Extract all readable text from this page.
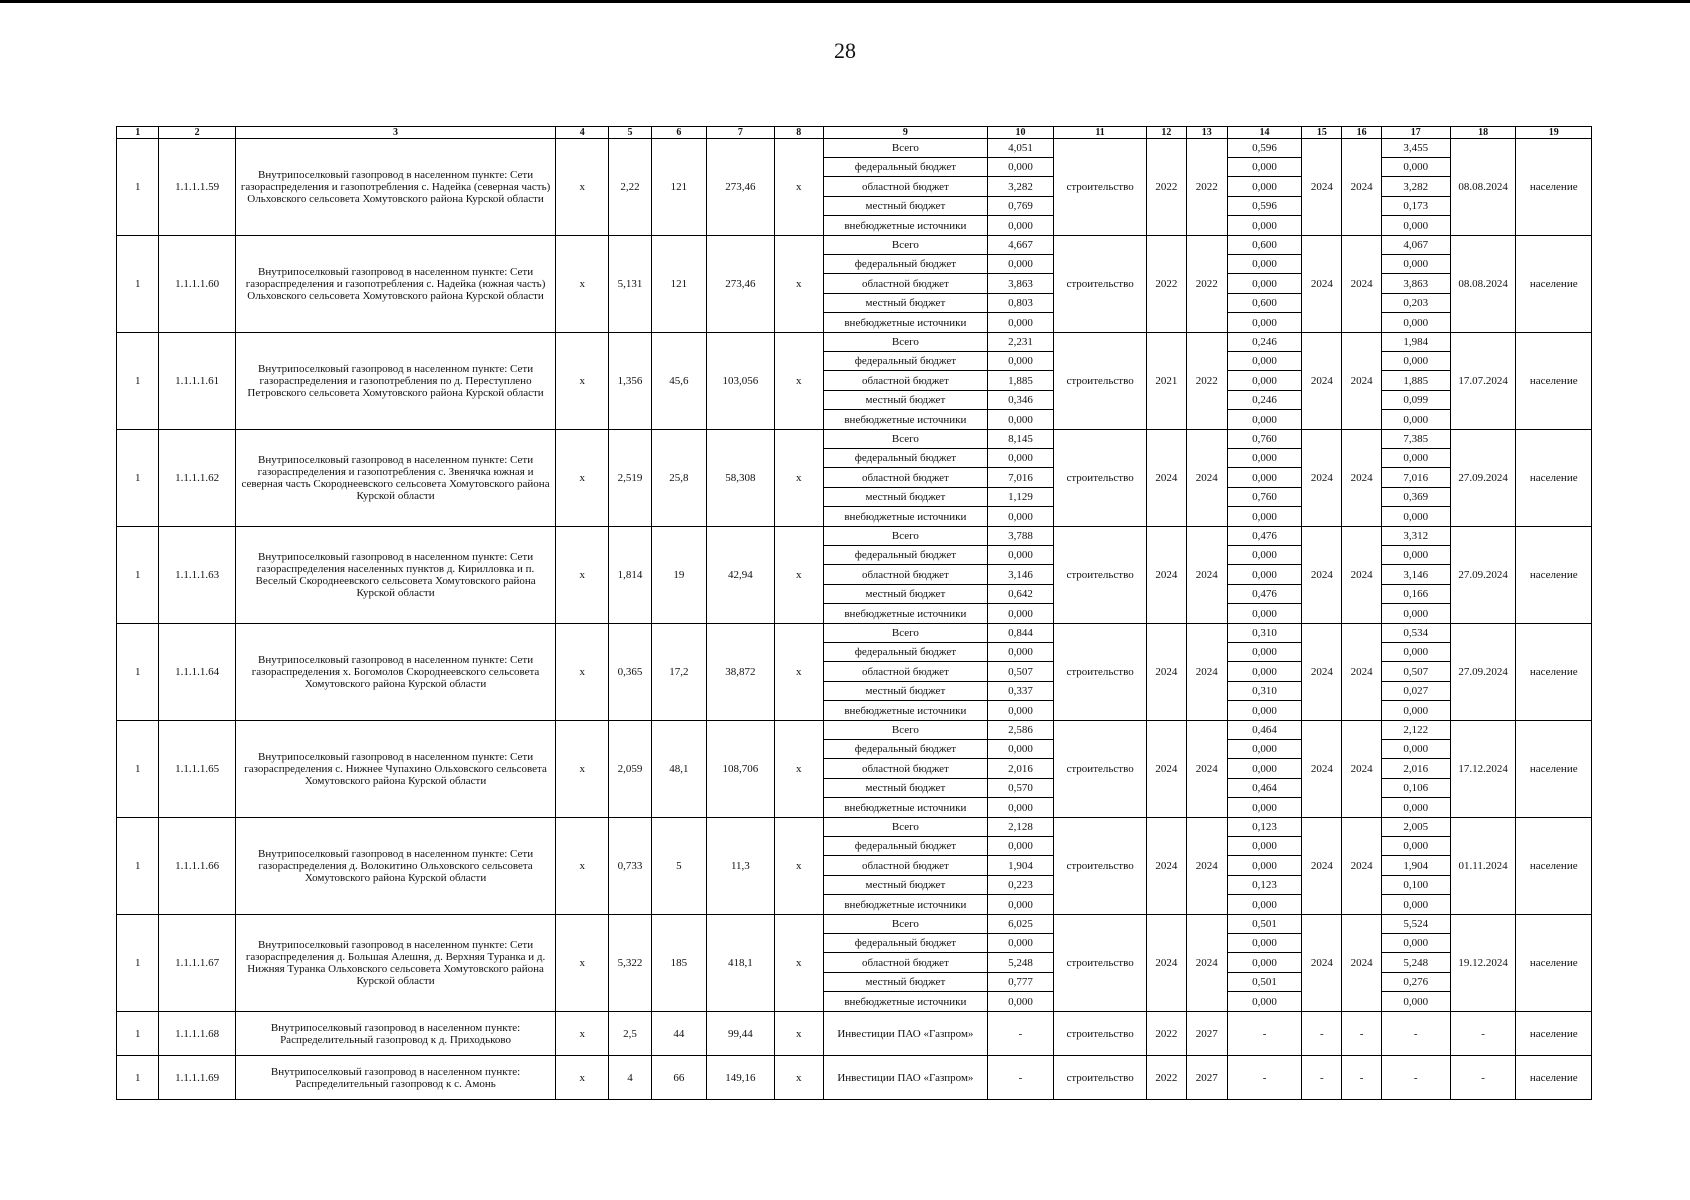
28
1	2	3	4	5	6	7	8	9	10	11	12	13	14	15	16	17	18	19
1	1.1.1.1.59	Внутрипоселковый газопровод в населенном пункте: Сети газораспределения и газопотребления с. Надейка (северная часть) Ольховского сельсовета Хомутовского района Курской области	х	2,22	121	273,46	х	Всего	4,051	строительство	2022	2022	0,596	2024	2024	3,455	08.08.2024	население
								федеральный бюджет	0,000				0,000			0,000		
								областной бюджет	3,282				0,000			3,282		
								местный бюджет	0,769				0,596			0,173		
								внебюджетные источники	0,000				0,000			0,000		
1	1.1.1.1.60	Внутрипоселковый газопровод в населенном пункте: Сети газораспределения и газопотребления с. Надейка (южная часть) Ольховского сельсовета Хомутовского района Курской области	х	5,131	121	273,46	х	Всего	4,667	строительство	2022	2022	0,600	2024	2024	4,067	08.08.2024	население
								федеральный бюджет	0,000				0,000			0,000		
								областной бюджет	3,863				0,000			3,863		
								местный бюджет	0,803				0,600			0,203		
								внебюджетные источники	0,000				0,000			0,000		
1	1.1.1.1.61	Внутрипоселковый газопровод в населенном пункте: Сети газораспределения и газопотребления по д. Переступлено Петровского сельсовета Хомутовского района Курской области	х	1,356	45,6	103,056	х	Всего	2,231	строительство	2021	2022	0,246	2024	2024	1,984	17.07.2024	население
								федеральный бюджет	0,000				0,000			0,000		
								областной бюджет	1,885				0,000			1,885		
								местный бюджет	0,346				0,246			0,099		
								внебюджетные источники	0,000				0,000			0,000		
1	1.1.1.1.62	Внутрипоселковый газопровод в населенном пункте: Сети газораспределения и газопотребления с. Звенячка южная и северная часть Скороднеевского сельсовета Хомутовского района Курской области	х	2,519	25,8	58,308	х	Всего	8,145	строительство	2024	2024	0,760	2024	2024	7,385	27.09.2024	население
								федеральный бюджет	0,000				0,000			0,000		
								областной бюджет	7,016				0,000			7,016		
								местный бюджет	1,129				0,760			0,369		
								внебюджетные источники	0,000				0,000			0,000		
1	1.1.1.1.63	Внутрипоселковый газопровод в населенном пункте: Сети газораспределения населенных пунктов д. Кирилловка и п. Веселый Скороднеевского сельсовета Хомутовского района Курской области	х	1,814	19	42,94	х	Всего	3,788	строительство	2024	2024	0,476	2024	2024	3,312	27.09.2024	население
								федеральный бюджет	0,000				0,000			0,000		
								областной бюджет	3,146				0,000			3,146		
								местный бюджет	0,642				0,476			0,166		
								внебюджетные источники	0,000				0,000			0,000		
1	1.1.1.1.64	Внутрипоселковый газопровод в населенном пункте: Сети газораспределения х. Богомолов Скороднеевского сельсовета Хомутовского района Курской области	х	0,365	17,2	38,872	х	Всего	0,844	строительство	2024	2024	0,310	2024	2024	0,534	27.09.2024	население
								федеральный бюджет	0,000				0,000			0,000		
								областной бюджет	0,507				0,000			0,507		
								местный бюджет	0,337				0,310			0,027		
								внебюджетные источники	0,000				0,000			0,000		
1	1.1.1.1.65	Внутрипоселковый газопровод в населенном пункте: Сети газораспределения с. Нижнее Чупахино Ольховского сельсовета Хомутовского района Курской области	х	2,059	48,1	108,706	х	Всего	2,586	строительство	2024	2024	0,464	2024	2024	2,122	17.12.2024	население
								федеральный бюджет	0,000				0,000			0,000		
								областной бюджет	2,016				0,000			2,016		
								местный бюджет	0,570				0,464			0,106		
								внебюджетные источники	0,000				0,000			0,000		
1	1.1.1.1.66	Внутрипоселковый газопровод в населенном пункте: Сети газораспределения д. Волокитино Ольховского сельсовета Хомутовского района Курской области	х	0,733	5	11,3	х	Всего	2,128	строительство	2024	2024	0,123	2024	2024	2,005	01.11.2024	население
								федеральный бюджет	0,000				0,000			0,000		
								областной бюджет	1,904				0,000			1,904		
								местный бюджет	0,223				0,123			0,100		
								внебюджетные источники	0,000				0,000			0,000		
1	1.1.1.1.67	Внутрипоселковый газопровод в населенном пункте: Сети газораспределения д. Большая Алешня, д. Верхняя Туранка и д. Нижняя Туранка Ольховского сельсовета Хомутовского района Курской области	х	5,322	185	418,1	х	Всего	6,025	строительство	2024	2024	0,501	2024	2024	5,524	19.12.2024	население
								федеральный бюджет	0,000				0,000			0,000		
								областной бюджет	5,248				0,000			5,248		
								местный бюджет	0,777				0,501			0,276		
								внебюджетные источники	0,000				0,000			0,000		
1	1.1.1.1.68	Внутрипоселковый газопровод в населенном пункте: Распределительный газопровод к д. Приходьково	х	2,5	44	99,44	х	Инвестиции ПАО «Газпром»	-	строительство	2022	2027	-	-	-	-	-	население
1	1.1.1.1.69	Внутрипоселковый газопровод в населенном пункте: Распределительный газопровод к с. Амонь	х	4	66	149,16	х	Инвестиции ПАО «Газпром»	-	строительство	2022	2027	-	-	-	-	-	население
